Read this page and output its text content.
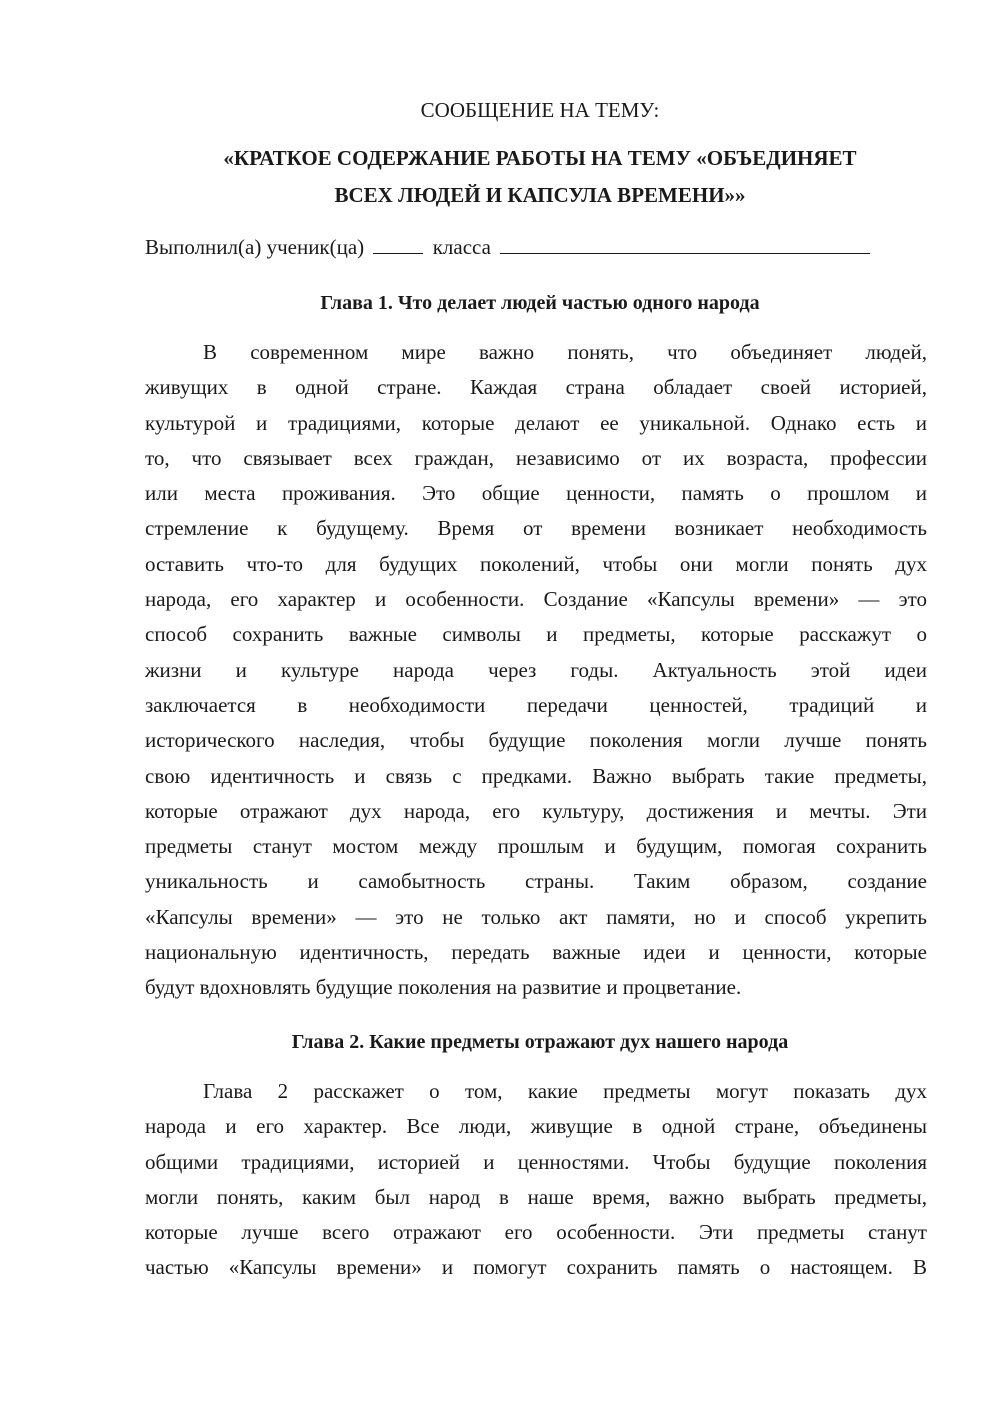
СООБЩЕНИЕ НА ТЕМУ:
«КРАТКОЕ СОДЕРЖАНИЕ РАБОТЫ НА ТЕМУ «ОБЪЕДИНЯЕТ
ВСЕХ ЛЮДЕЙ И КАПСУЛА ВРЕМЕНИ»»
Выполнил(а) ученик(ца)	класса
Глава 1. Что делает людей частью одного народа
В современном мире важно понять, что объединяет людей,
живущих в одной стране. Каждая страна обладает своей историей,
культурой и традициями, которые делают ее уникальной. Однако есть и
то, что связывает всех граждан, независимо от их возраста, профессии
или места проживания. Это общие ценности, память о прошлом и
стремление к будущему. Время от времени возникает необходимость
оставить что-то для будущих поколений, чтобы они могли понять дух
народа, его характер и особенности. Создание «Капсулы времени» — это
способ сохранить важные символы и предметы, которые расскажут о
жизни и культуре народа через годы. Актуальность этой идеи
заключается в необходимости передачи ценностей, традиций и
исторического наследия, чтобы будущие поколения могли лучше понять
свою идентичность и связь с предками. Важно выбрать такие предметы,
которые отражают дух народа, его культуру, достижения и мечты. Эти
предметы станут мостом между прошлым и будущим, помогая сохранить
уникальность и самобытность страны. Таким образом, создание
«Капсулы времени» — это не только акт памяти, но и способ укрепить
национальную идентичность, передать важные идеи и ценности, которые
будут вдохновлять будущие поколения на развитие и процветание.
Глава 2. Какие предметы отражают дух нашего народа
Глава 2 расскажет о том, какие предметы могут показать дух
народа и его характер. Все люди, живущие в одной стране, объединены
общими традициями, историей и ценностями. Чтобы будущие поколения
могли понять, каким был народ в наше время, важно выбрать предметы,
которые лучше всего отражают его особенности. Эти предметы станут
частью «Капсулы времени» и помогут сохранить память о настоящем. В
